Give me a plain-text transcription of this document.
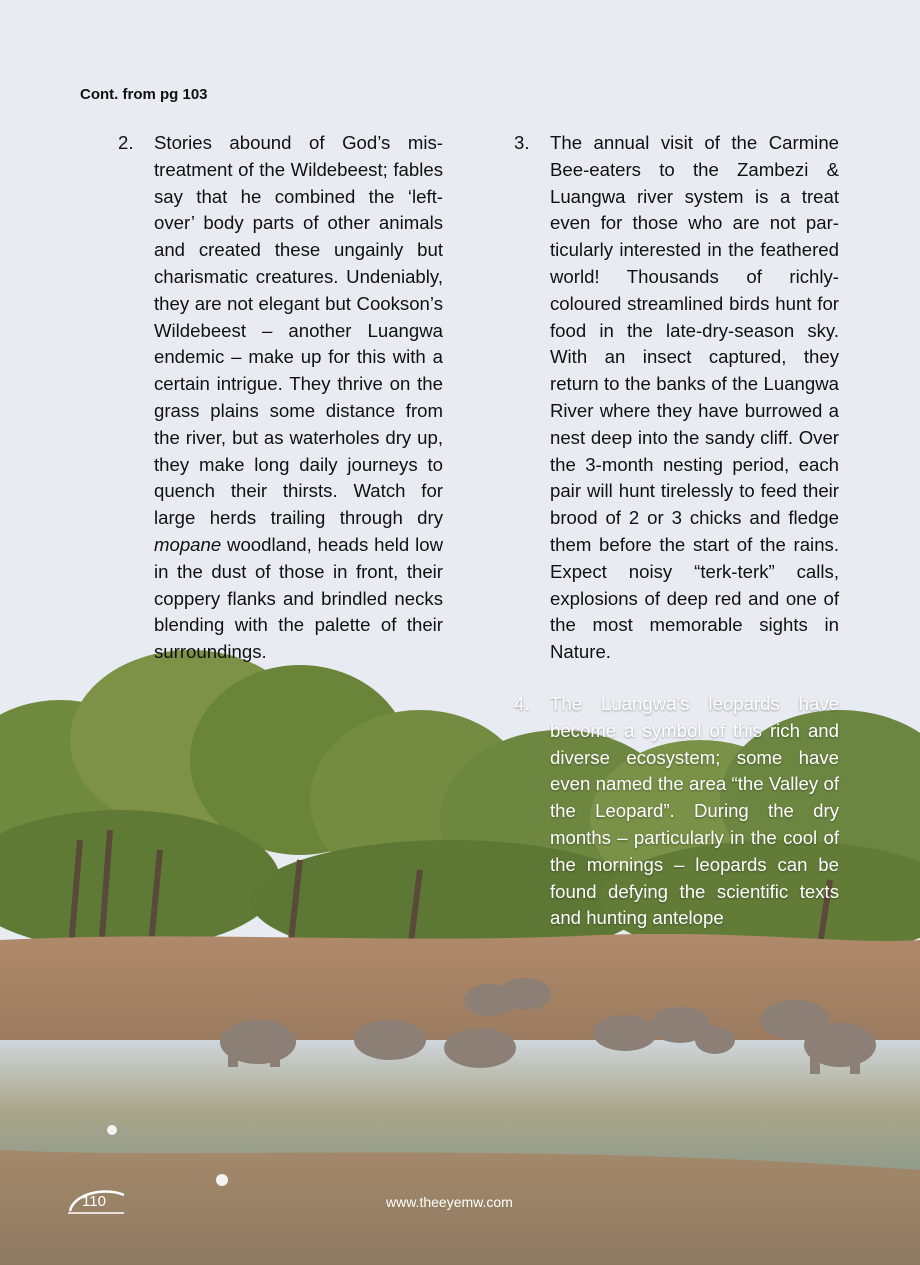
Cont. from pg 103
2. Stories abound of God’s mistreatment of the Wildebeest; fables say that he combined the ‘left-over’ body parts of other animals and created these ungainly but charismatic creatures. Undeniably, they are not elegant but Cookson’s Wildebeest – another Luangwa endemic – make up for this with a certain intrigue. They thrive on the grass plains some distance from the river, but as waterholes dry up, they make long daily journeys to quench their thirsts. Watch for large herds trailing through dry mopane woodland, heads held low in the dust of those in front, their coppery flanks and brindled necks blending with the palette of their surroundings.
3. The annual visit of the Carmine Bee-eaters to the Zambezi & Luangwa river system is a treat even for those who are not particularly interested in the feathered world! Thousands of richly-coloured streamlined birds hunt for food in the late-dry-season sky. With an insect captured, they return to the banks of the Luangwa River where they have burrowed a nest deep into the sandy cliff. Over the 3-month nesting period, each pair will hunt tirelessly to feed their brood of 2 or 3 chicks and fledge them before the start of the rains. Expect noisy “terk-terk” calls, explosions of deep red and one of the most memorable sights in Nature.
4. The Luangwa’s leopards have become a symbol of this rich and diverse ecosystem; some have even named the area “the Valley of the Leopard”. During the dry months – particularly in the cool of the mornings – leopards can be found defying the scientific texts and hunting antelope
110	www.theeyemw.com
